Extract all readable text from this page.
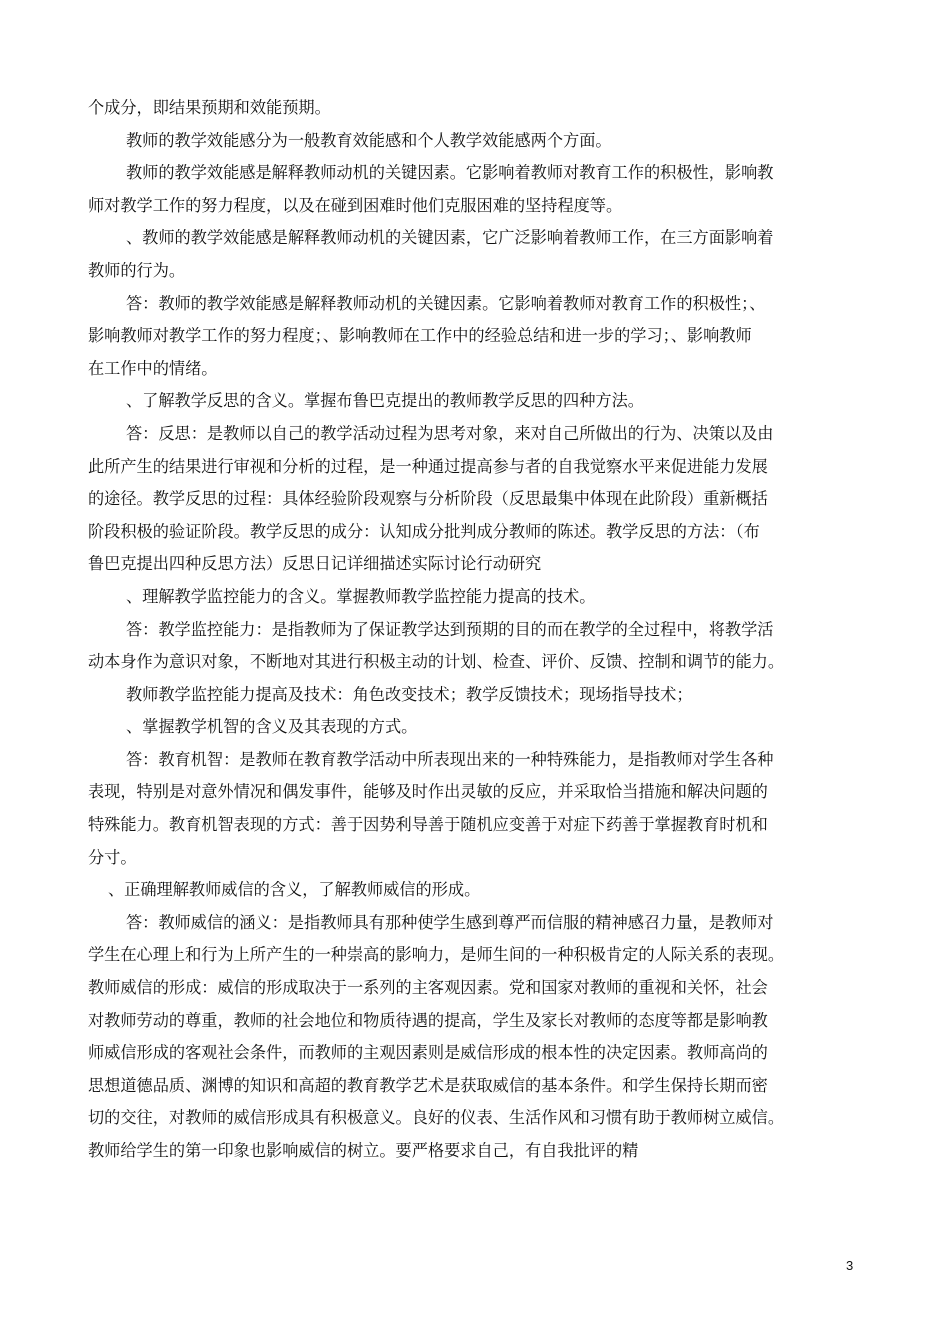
个成分，即结果预期和效能预期。
教师的教学效能感分为一般教育效能感和个人教学效能感两个方面。
教师的教学效能感是解释教师动机的关键因素。它影响着教师对教育工作的积极性，影响教
师对教学工作的努力程度，以及在碰到困难时他们克服困难的坚持程度等。
、教师的教学效能感是解释教师动机的关键因素，它广泛影响着教师工作，在三方面影响着
教师的行为。
答：教师的教学效能感是解释教师动机的关键因素。它影响着教师对教育工作的积极性；、
影响教师对教学工作的努力程度；、影响教师在工作中的经验总结和进一步的学习；、影响教师
在工作中的情绪。
、了解教学反思的含义。掌握布鲁巴克提出的教师教学反思的四种方法。
答：反思：是教师以自己的教学活动过程为思考对象，来对自己所做出的行为、决策以及由
此所产生的结果进行审视和分析的过程，是一种通过提高参与者的自我觉察水平来促进能力发展
的途径。教学反思的过程：具体经验阶段观察与分析阶段（反思最集中体现在此阶段）重新概括
阶段积极的验证阶段。教学反思的成分：认知成分批判成分教师的陈述。教学反思的方法：（布
鲁巴克提出四种反思方法）反思日记详细描述实际讨论行动研究
、理解教学监控能力的含义。掌握教师教学监控能力提高的技术。
答：教学监控能力：是指教师为了保证教学达到预期的目的而在教学的全过程中，将教学活
动本身作为意识对象，不断地对其进行积极主动的计划、检查、评价、反馈、控制和调节的能力。
教师教学监控能力提高及技术：角色改变技术；教学反馈技术；现场指导技术；
、掌握教学机智的含义及其表现的方式。
答：教育机智：是教师在教育教学活动中所表现出来的一种特殊能力，是指教师对学生各种
表现，特别是对意外情况和偶发事件，能够及时作出灵敏的反应，并采取恰当措施和解决问题的
特殊能力。教育机智表现的方式：善于因势利导善于随机应变善于对症下药善于掌握教育时机和
分寸。
、正确理解教师威信的含义，了解教师威信的形成。
答：教师威信的涵义：是指教师具有那种使学生感到尊严而信服的精神感召力量，是教师对
学生在心理上和行为上所产生的一种崇高的影响力，是师生间的一种积极肯定的人际关系的表现。
教师威信的形成：威信的形成取决于一系列的主客观因素。党和国家对教师的重视和关怀，社会
对教师劳动的尊重，教师的社会地位和物质待遇的提高，学生及家长对教师的态度等都是影响教
师威信形成的客观社会条件，而教师的主观因素则是威信形成的根本性的决定因素。教师高尚的
思想道德品质、渊博的知识和高超的教育教学艺术是获取威信的基本条件。和学生保持长期而密
切的交往，对教师的威信形成具有积极意义。良好的仪表、生活作风和习惯有助于教师树立威信。
教师给学生的第一印象也影响威信的树立。要严格要求自己，有自我批评的精
3
